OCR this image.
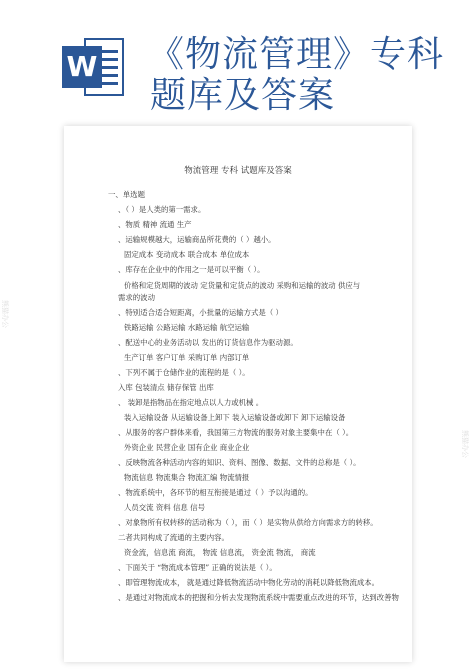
W 《物流管理》专科
题库及答案
物流管理 专科 试题库及答案
一、单选题
、（ ）是人类的第一需求。
、物质 精神 流通 生产
、运输规模越大，运输商品所花费的（ ）越小。
固定成本 变动成本 联合成本 单位成本
、库存在企业中的作用之一是可以平衡（ ）。
价格和定货周期的波动 定货量和定货点的波动 采购和运输的波动 供应与
需求的波动
、特别适合适合短距离，小批量的运输方式是（ ）
铁路运输 公路运输 水路运输 航空运输
、配送中心的业务活动以 发出的订货信息作为驱动源。
生产订单 客户订单 采购订单 内部订单
、下列不属于仓储作业的流程的是（ ）。
入库 包装清点 储存保管 出库
、 装卸是指物品在指定地点以人力或机械 。
装入运输设备 从运输设备上卸下 装入运输设备或卸下 卸下运输设备
、从服务的客户群体来看，我国第三方物流的服务对象主要集中在（ ）。
外资企业 民营企业 国有企业 商业企业
、反映物流各种活动内容的知识、资料、图像、数据、文件的总称是（ ）。
物流信息 物流集合 物流汇编 物流情报
、物流系统中，各环节的相互衔接是通过（ ）予以沟通的。
人员交流 资料 信息 信号
、对象物所有权转移的活动称为（ ），而（ ）是实物从供给方向需求方的转移。
二者共同构成了流通的主要内容。
资金流，信息流 商流， 物流 信息流， 资金流 物流， 商流
、下面关于 “物流成本管理” 正确的说法是（ ）。
、即管理物流成本， 就是通过降低物流活动中物化劳动的消耗以降低物流成本。
、是通过对物流成本的把握和分析去发现物流系统中需要重点改进的环节，达到改善物
熊猫办公
熊猫办公
